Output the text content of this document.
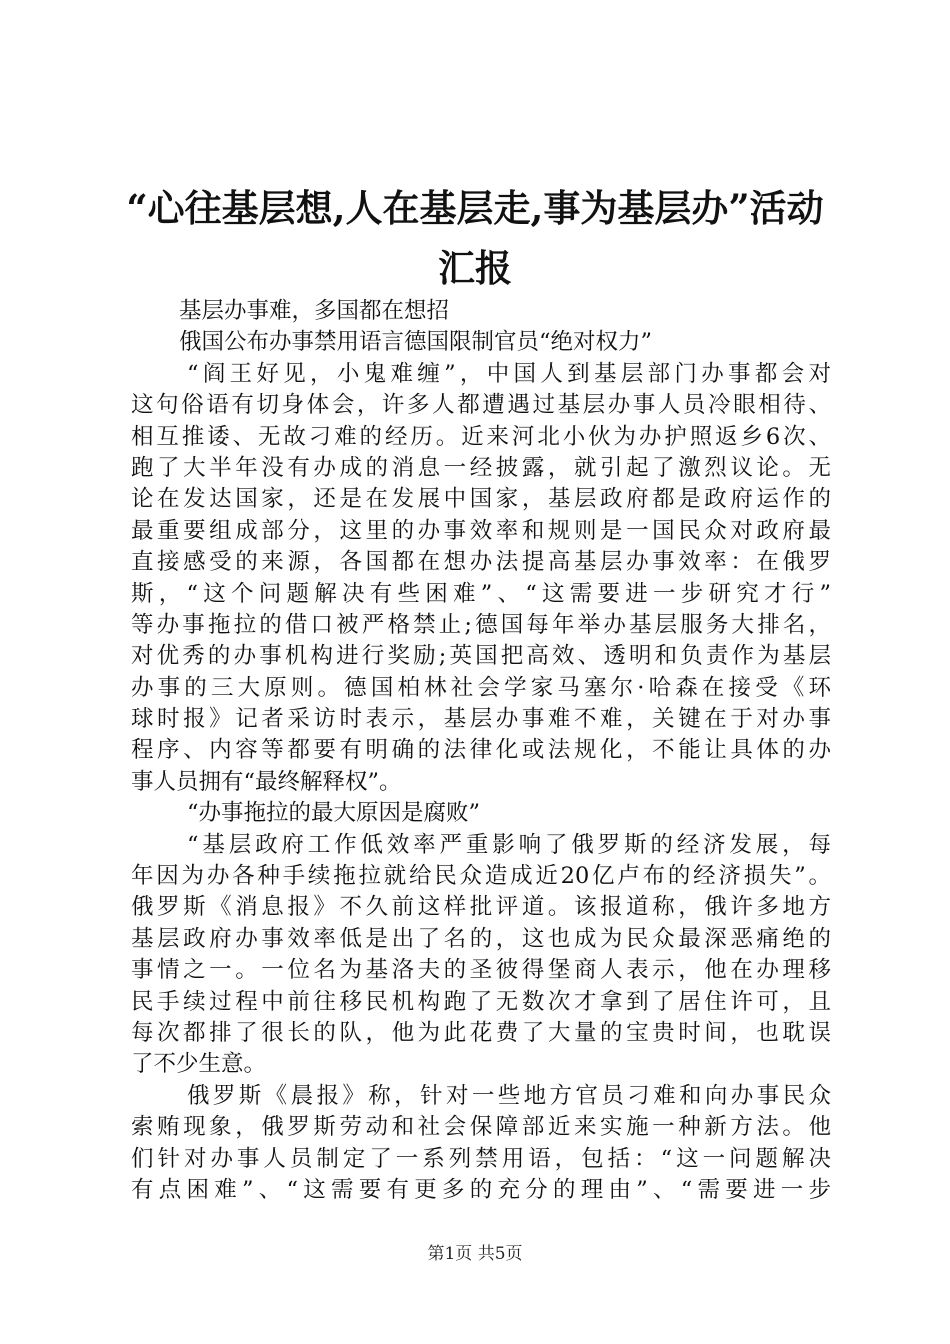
“心往基层想,人在基层走,事为基层办”活动
汇报
基层办事难，多国都在想招
俄国公布办事禁用语言德国限制官员“绝对权力”
“阎王好见，小鬼难缠”，中国人到基层部门办事都会对
这句俗语有切身体会，许多人都遭遇过基层办事人员冷眼相待、
相互推诿、无故刁难的经历。近来河北小伙为办护照返乡6次、
跑了大半年没有办成的消息一经披露，就引起了激烈议论。无
论在发达国家，还是在发展中国家，基层政府都是政府运作的
最重要组成部分，这里的办事效率和规则是一国民众对政府最
直接感受的来源，各国都在想办法提高基层办事效率：在俄罗
斯，“这个问题解决有些困难”、“这需要进一步研究才行”
等办事拖拉的借口被严格禁止;德国每年举办基层服务大排名，
对优秀的办事机构进行奖励;英国把高效、透明和负责作为基层
办事的三大原则。德国柏林社会学家马塞尔·哈森在接受《环
球时报》记者采访时表示，基层办事难不难，关键在于对办事
程序、内容等都要有明确的法律化或法规化，不能让具体的办
事人员拥有“最终解释权”。
“办事拖拉的最大原因是腐败”
“基层政府工作低效率严重影响了俄罗斯的经济发展，每
年因为办各种手续拖拉就给民众造成近20亿卢布的经济损失”。
俄罗斯《消息报》不久前这样批评道。该报道称，俄许多地方
基层政府办事效率低是出了名的，这也成为民众最深恶痛绝的
事情之一。一位名为基洛夫的圣彼得堡商人表示，他在办理移
民手续过程中前往移民机构跑了无数次才拿到了居住许可，且
每次都排了很长的队，他为此花费了大量的宝贵时间，也耽误
了不少生意。
俄罗斯《晨报》称，针对一些地方官员刁难和向办事民众
索贿现象，俄罗斯劳动和社会保障部近来实施一种新方法。他
们针对办事人员制定了一系列禁用语，包括：“这一问题解决
有点困难”、“这需要有更多的充分的理由”、“需要进一步
第1页 共5页
